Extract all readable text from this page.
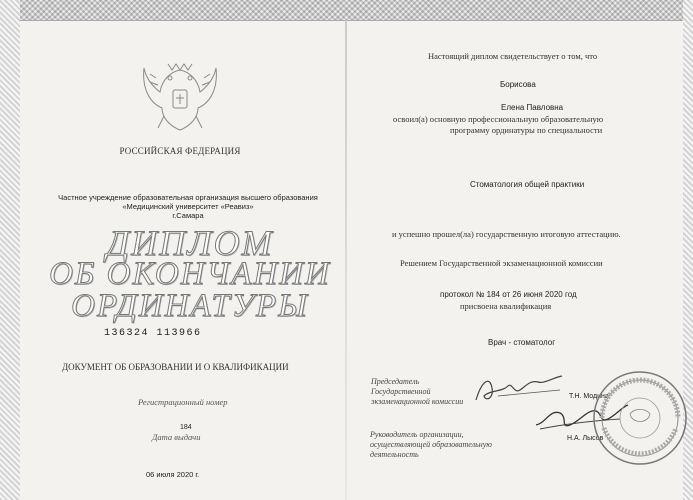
РОССИЙСКАЯ ФЕДЕРАЦИЯ
Частное учреждение образовательная организация высшего образования
«Медицинский университет «Реавиз»
г.Самара
ДИПЛОМ
ОБ ОКОНЧАНИИ
ОРДИНАТУРЫ
136324 113966
ДОКУМЕНТ ОБ ОБРАЗОВАНИИ И О КВАЛИФИКАЦИИ
Регистрационный номер
184
Дата выдачи
06 июля 2020 г.
Настоящий диплом свидетельствует о том, что
Борисова
Елена Павловна
освоил(а) основную профессиональную образовательную
программу ординатуры по специальности
Стоматология общей практики
и успешно прошел(ла) государственную итоговую аттестацию.
Решением Государственной экзаменационной комиссии
протокол № 184 от 26 июня 2020 год
присвоена квалификация
Врач - стоматолог
Председатель
Государственной
экзаменационной комиссии
Т.Н. Модина
Руководитель организации,
осуществляющей образовательную
деятельность
Н.А. Лысов
